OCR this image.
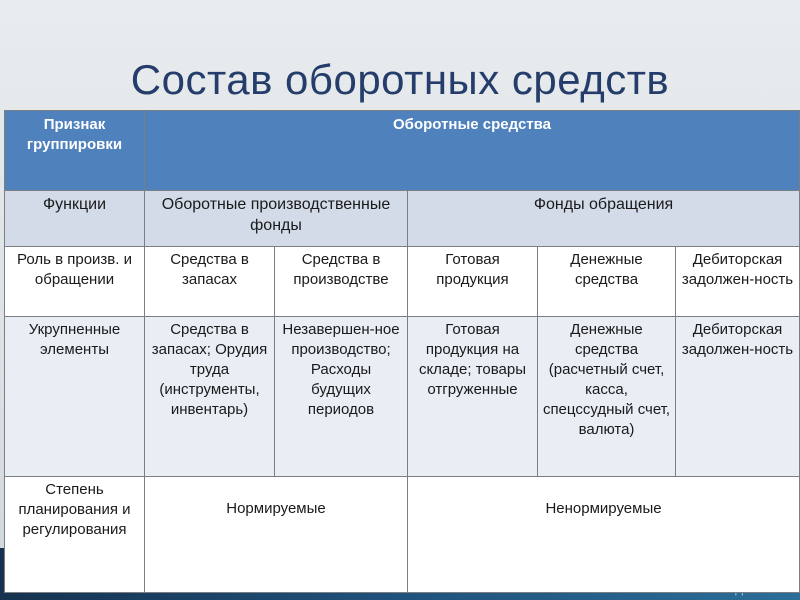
Состав оборотных средств
Признак группировки	Оборотные средства				
Функции	Оборотные производственные фонды		Фонды обращения		
Роль в произв. и обращении	Средства в запасах	Средства в производстве	Готовая продукция	Денежные средства	Дебиторская задолжен-ность
Укрупненные элементы	Средства в запасах; Орудия труда (инструменты, инвентарь)	Незавершен-ное производство; Расходы будущих периодов	Готовая продукция на складе; товары отгруженные	Денежные средства (расчетный счет, касса, спецссудный счет, валюта)	Дебиторская задолжен-ность
Степень планирования и регулирования	Нормируемые		Ненормируемые		
